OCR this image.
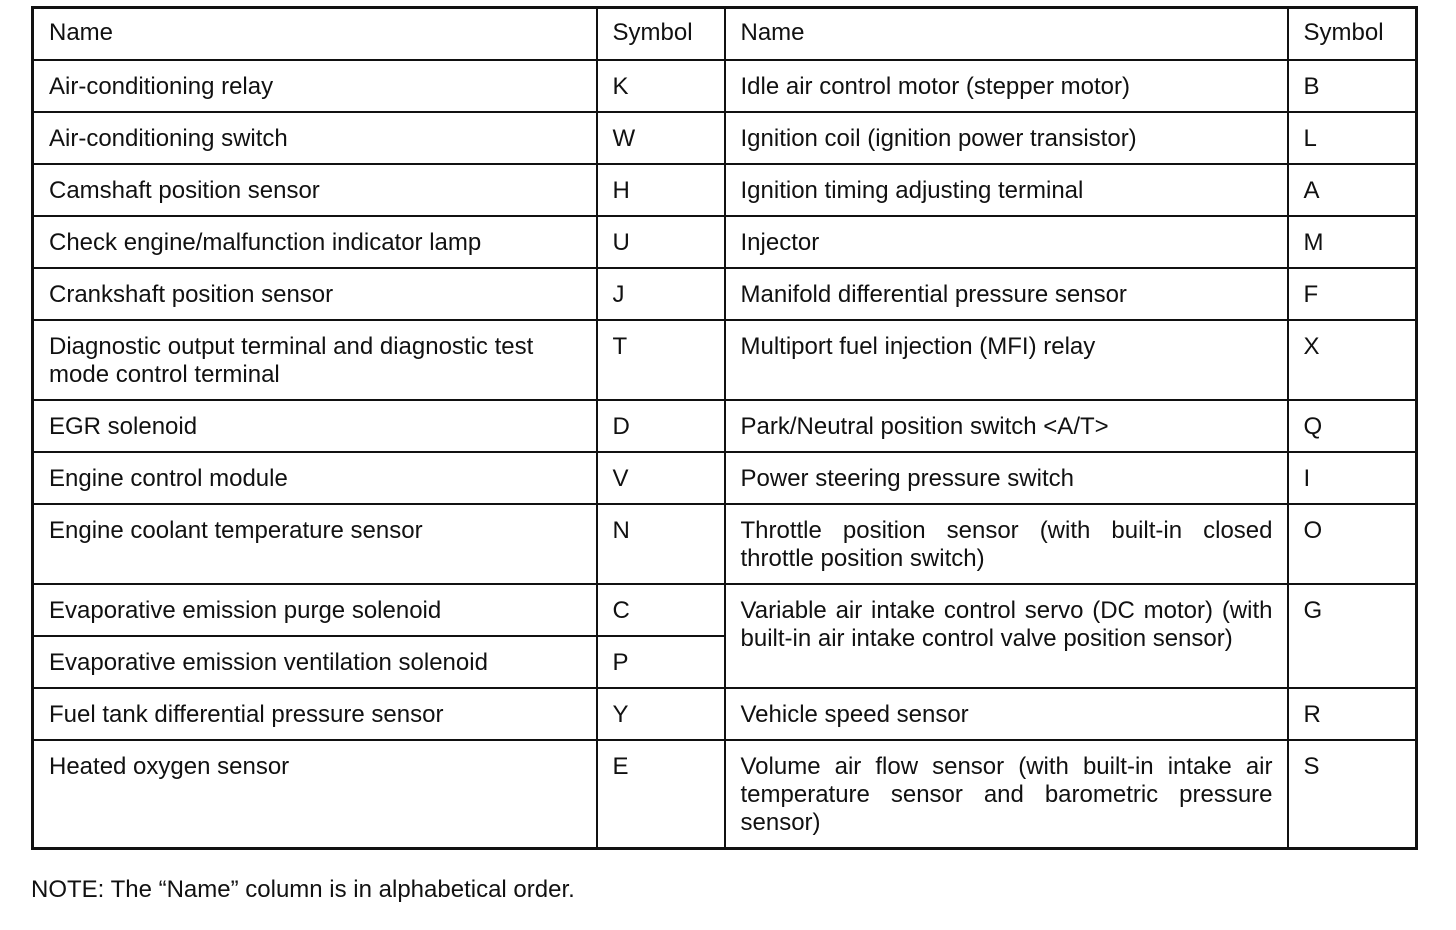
Name	Symbol	Name	Symbol
Air-conditioning relay	K	Idle air control motor (stepper motor)	B
Air-conditioning switch	W	Ignition coil (ignition power transistor)	L
Camshaft position sensor	H	Ignition timing adjusting terminal	A
Check engine/malfunction indicator lamp	U	Injector	M
Crankshaft position sensor	J	Manifold differential pressure sensor	F
Diagnostic output terminal and diagnostic test mode control terminal	T	Multiport fuel injection (MFI) relay	X
EGR solenoid	D	Park/Neutral position switch <A/T>	Q
Engine control module	V	Power steering pressure switch	I
Engine coolant temperature sensor	N	Throttle position sensor (with built-in closed throttle position switch)	O
Evaporative emission purge solenoid	C	Variable air intake control servo (DC motor) (with built-in air intake control valve position sensor)	G
Evaporative emission ventilation solenoid	P		
Fuel tank differential pressure sensor	Y	Vehicle speed sensor	R
Heated oxygen sensor	E	Volume air flow sensor (with built-in intake air temperature sensor and barometric pressure sensor)	S
NOTE: The “Name” column is in alphabetical order.
